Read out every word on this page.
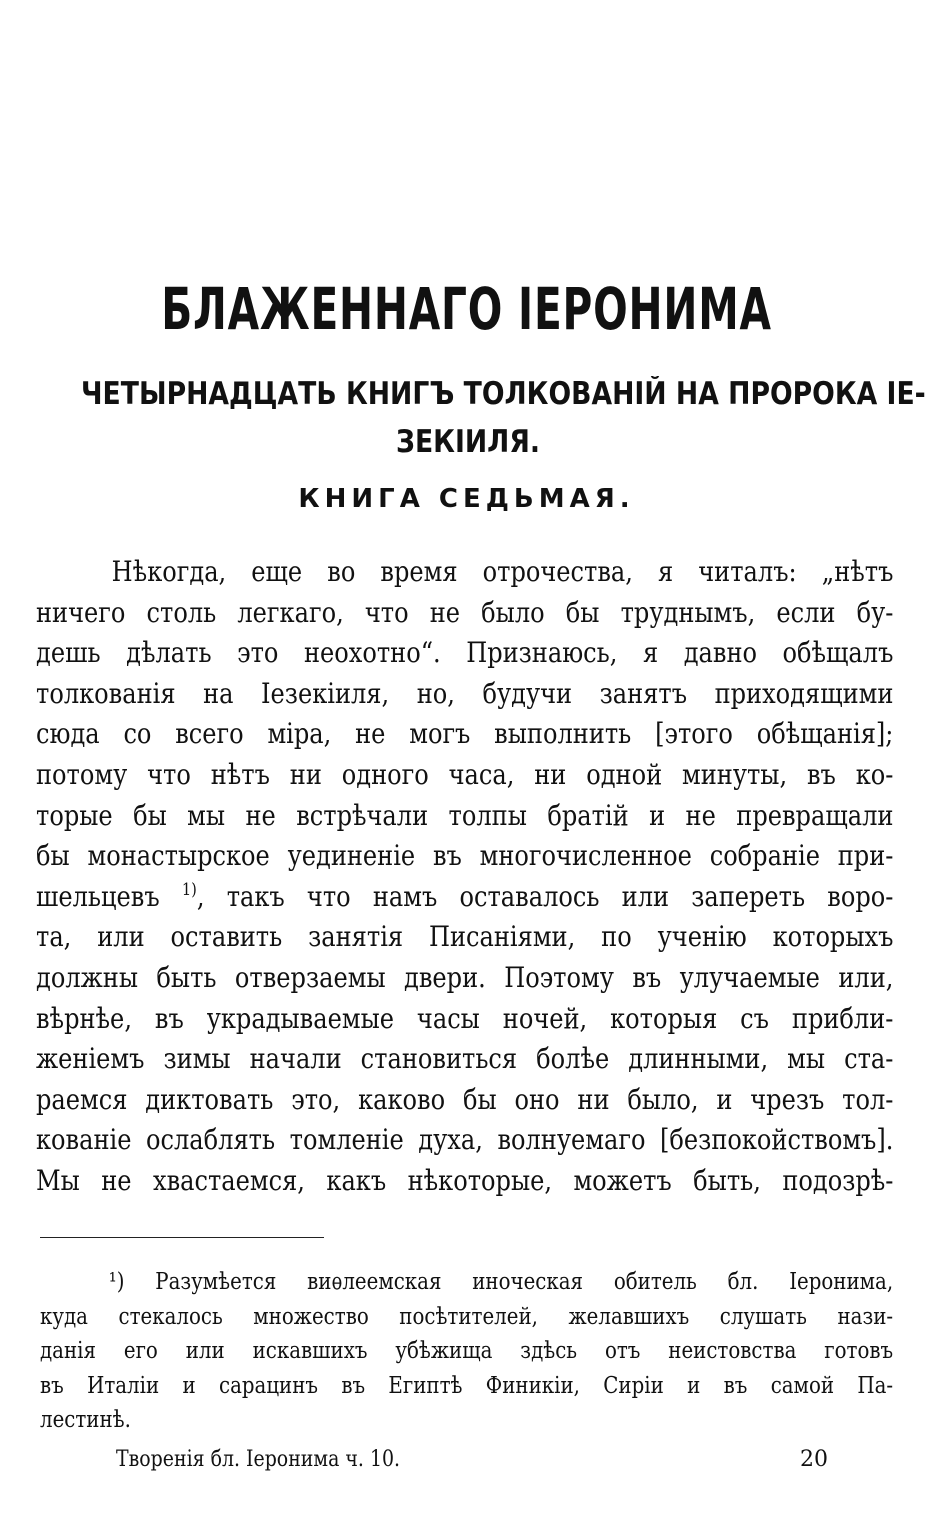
БЛАЖЕННАГО ІЕРОНИМА
ЧЕТЫРНАДЦАТЬ КНИГЪ ТОЛКОВАНІЙ НА ПРОРОКА ІЕ-
ЗЕКІИЛЯ.
КНИГА СЕДЬМАЯ.
Нѣкогда, еще во время отрочества, я читалъ: „нѣтъ
ничего столь легкаго, что не было бы труднымъ, если бу-
дешь дѣлать это неохотно“. Признаюсь, я давно обѣщалъ
толкованія на Іезекіиля, но, будучи занятъ приходящими
сюда со всего міра, не могъ выполнить [этого обѣщанія];
потому что нѣтъ ни одного часа, ни одной минуты, въ ко-
торые бы мы не встрѣчали толпы братій и не превращали
бы монастырское уединеніе въ многочисленное собраніе при-
шельцевъ $^{1)}$, такъ что намъ оставалось или запереть воро-
та, или оставить занятія Писаніями, по ученію которыхъ
должны быть отверзаемы двери. Поэтому въ улучаемые или,
вѣрнѣе, въ украдываемые часы ночей, которыя съ прибли-
женіемъ зимы начали становиться болѣе длинными, мы ста-
раемся диктовать это, каково бы оно ни было, и чрезъ тол-
кованіе ослаблять томленіе духа, волнуемаго [безпокойствомъ].
Мы не хвастаемся, какъ нѣкоторые, можетъ быть, подозрѣ-
¹) Разумѣется виѳлеемская иноческая обитель бл. Іеронима,
куда стекалось множество посѣтителей, желавшихъ слушать нази-
данія его или искавшихъ убѣжища здѣсь отъ неистовства готовъ
въ Италіи и сарацинъ въ Египтѣ Финикіи, Сиріи и въ самой Па-
лестинѣ.
Творенія бл. Іеронима ч. 10.	20
